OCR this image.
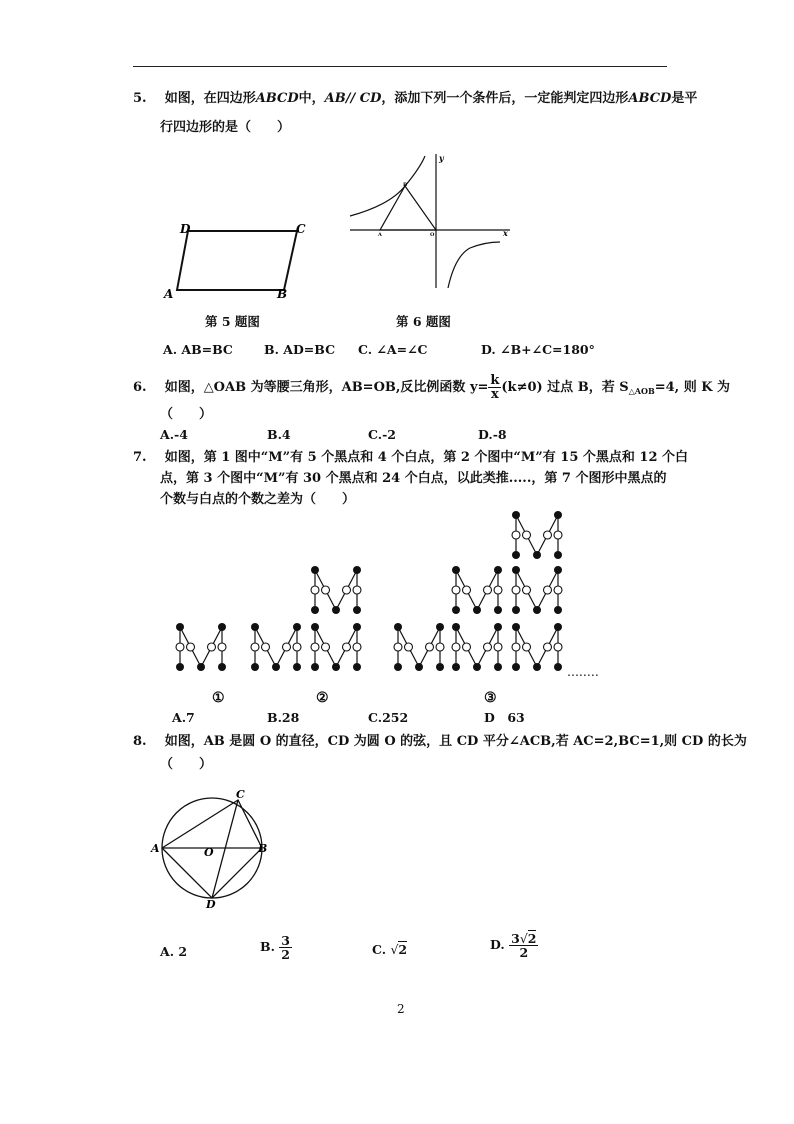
5. 如图，在四边形ABCD中，AB// CD，添加下列一个条件后，一定能判定四边形ABCD是平
行四边形的是（　　）
D	C
A	B
第 5 题图
y
x
A
B
O
第 6 题图
A. AB=BC B. AD=BC C. ∠A=∠C	D. ∠B+∠C=180°
6. 如图，△OAB 为等腰三角形，AB=OB,反比例函数 $y= \frac{k}{x} (k\ne 0)$ 过点 B，若 $S_{\triangle AOB}=4$, 则 K 为
（　　）
A.-4	B.4	C.-2	D.-8
7. 如图，第 1 图中“M”有 5 个黑点和 4 个白点，第 2 个图中“M”有 15 个黑点和 12 个白
点，第 3 个图中“M”有 30 个黑点和 24 个白点，以此类推.....，第 7 个图形中黑点的
个数与白点的个数之差为（　　）
①	②	③
........
A.7	B.28	C.252	D　63
8. 如图，AB 是圆 O 的直径，CD 为圆 O 的弦，且 CD 平分∠ACB,若 AC=2,BC=1,则 CD 的长为
（　　）
C
A	B
O
D
A. 2	B. $\frac{3}{2}$	C. √2	D. $\frac{3√2}{2}$
2
